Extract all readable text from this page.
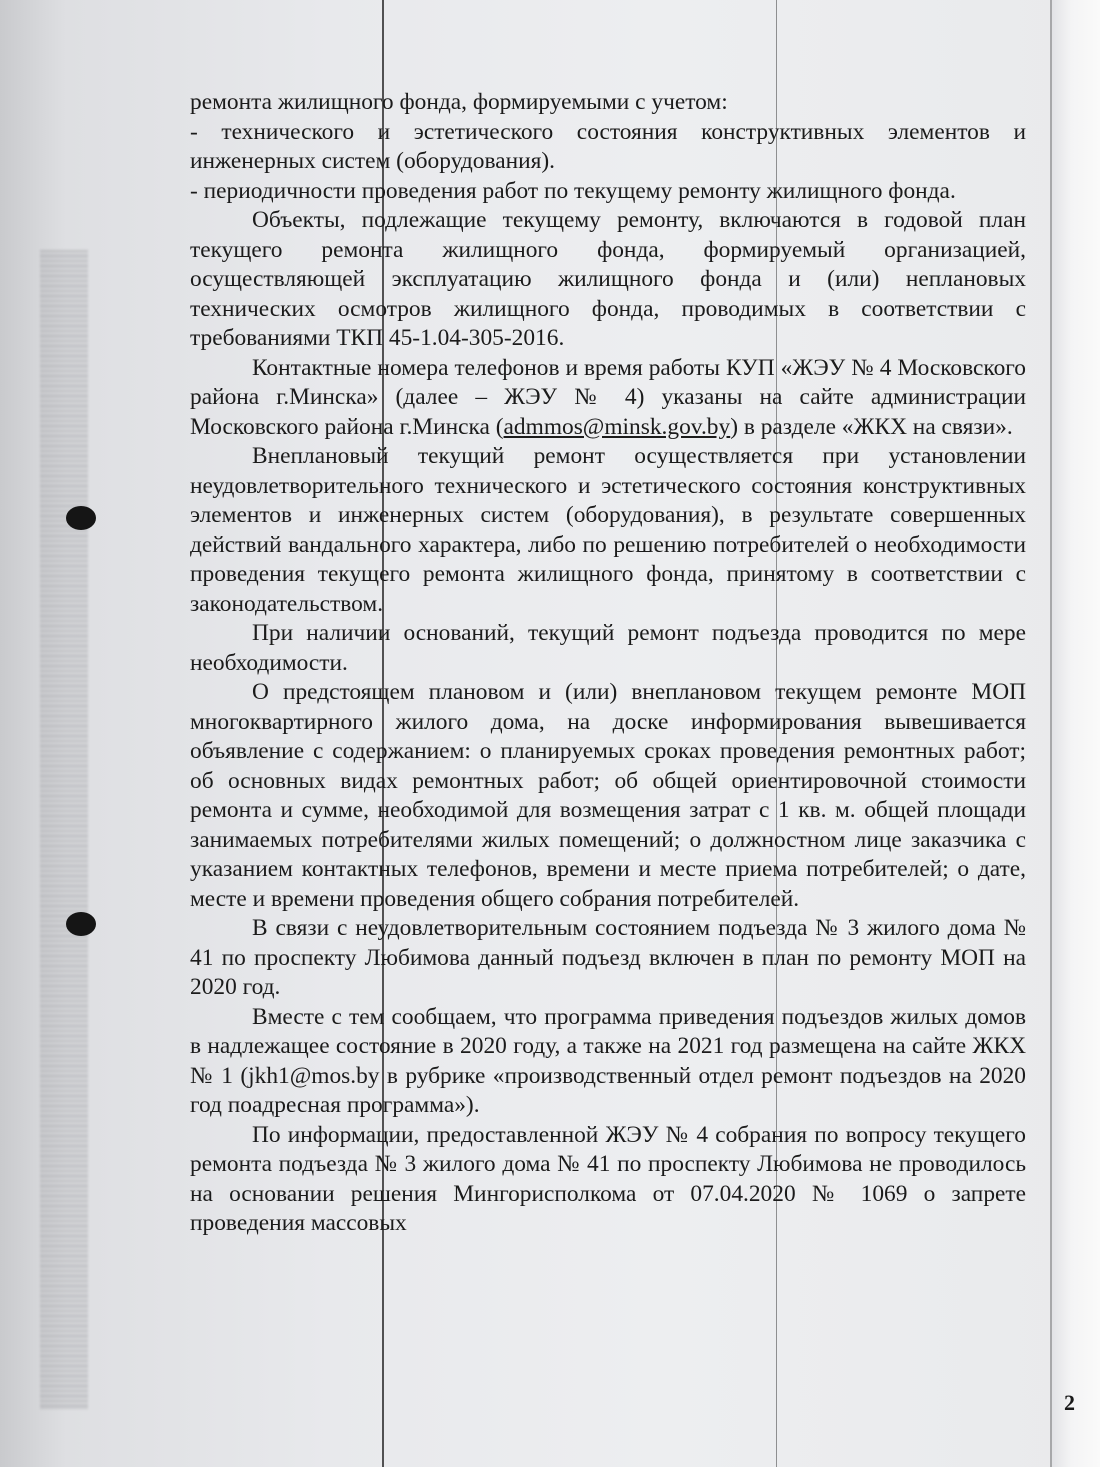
ремонта жилищного фонда, формируемыми с учетом:

- технического и эстетического состояния конструктивных элементов и инженерных систем (оборудования).

- периодичности проведения работ по текущему ремонту жилищного фонда.

Объекты, подлежащие текущему ремонту, включаются в годовой план текущего ремонта жилищного фонда, формируемый организацией, осуществляющей эксплуатацию жилищного фонда и (или) неплановых технических осмотров жилищного фонда, проводимых в соответствии с требованиями ТКП 45-1.04-305-2016.

Контактные номера телефонов и время работы КУП «ЖЭУ № 4 Московского района г.Минска» (далее – ЖЭУ № 4) указаны на сайте администрации Московского района г.Минска (admmos@minsk.gov.by) в разделе «ЖКХ на связи».

Внеплановый текущий ремонт осуществляется при установлении неудовлетворительного технического и эстетического состояния конструктивных элементов и инженерных систем (оборудования), в результате совершенных действий вандального характера, либо по решению потребителей о необходимости проведения текущего ремонта жилищного фонда, принятому в соответствии с законодательством.

При наличии оснований, текущий ремонт подъезда проводится по мере необходимости.

О предстоящем плановом и (или) внеплановом текущем ремонте МОП многоквартирного жилого дома, на доске информирования вывешивается объявление с содержанием: о планируемых сроках проведения ремонтных работ; об основных видах ремонтных работ; об общей ориентировочной стоимости ремонта и сумме, необходимой для возмещения затрат с 1 кв. м. общей площади занимаемых потребителями жилых помещений; о должностном лице заказчика с указанием контактных телефонов, времени и месте приема потребителей; о дате, месте и времени проведения общего собрания потребителей.

В связи с неудовлетворительным состоянием подъезда № 3 жилого дома № 41 по проспекту Любимова данный подъезд включен в план по ремонту МОП на 2020 год.

Вместе с тем сообщаем, что программа приведения подъездов жилых домов в надлежащее состояние в 2020 году, а также на 2021 год размещена на сайте ЖКХ № 1 (jkh1@mos.by в рубрике «производственный отдел ремонт подъездов на 2020 год поадресная программа»).

По информации, предоставленной ЖЭУ № 4 собрания по вопросу текущего ремонта подъезда № 3 жилого дома № 41 по проспекту Любимова не проводилось на основании решения Мингорисполкома от 07.04.2020 № 1069 о запрете проведения массовых

2
